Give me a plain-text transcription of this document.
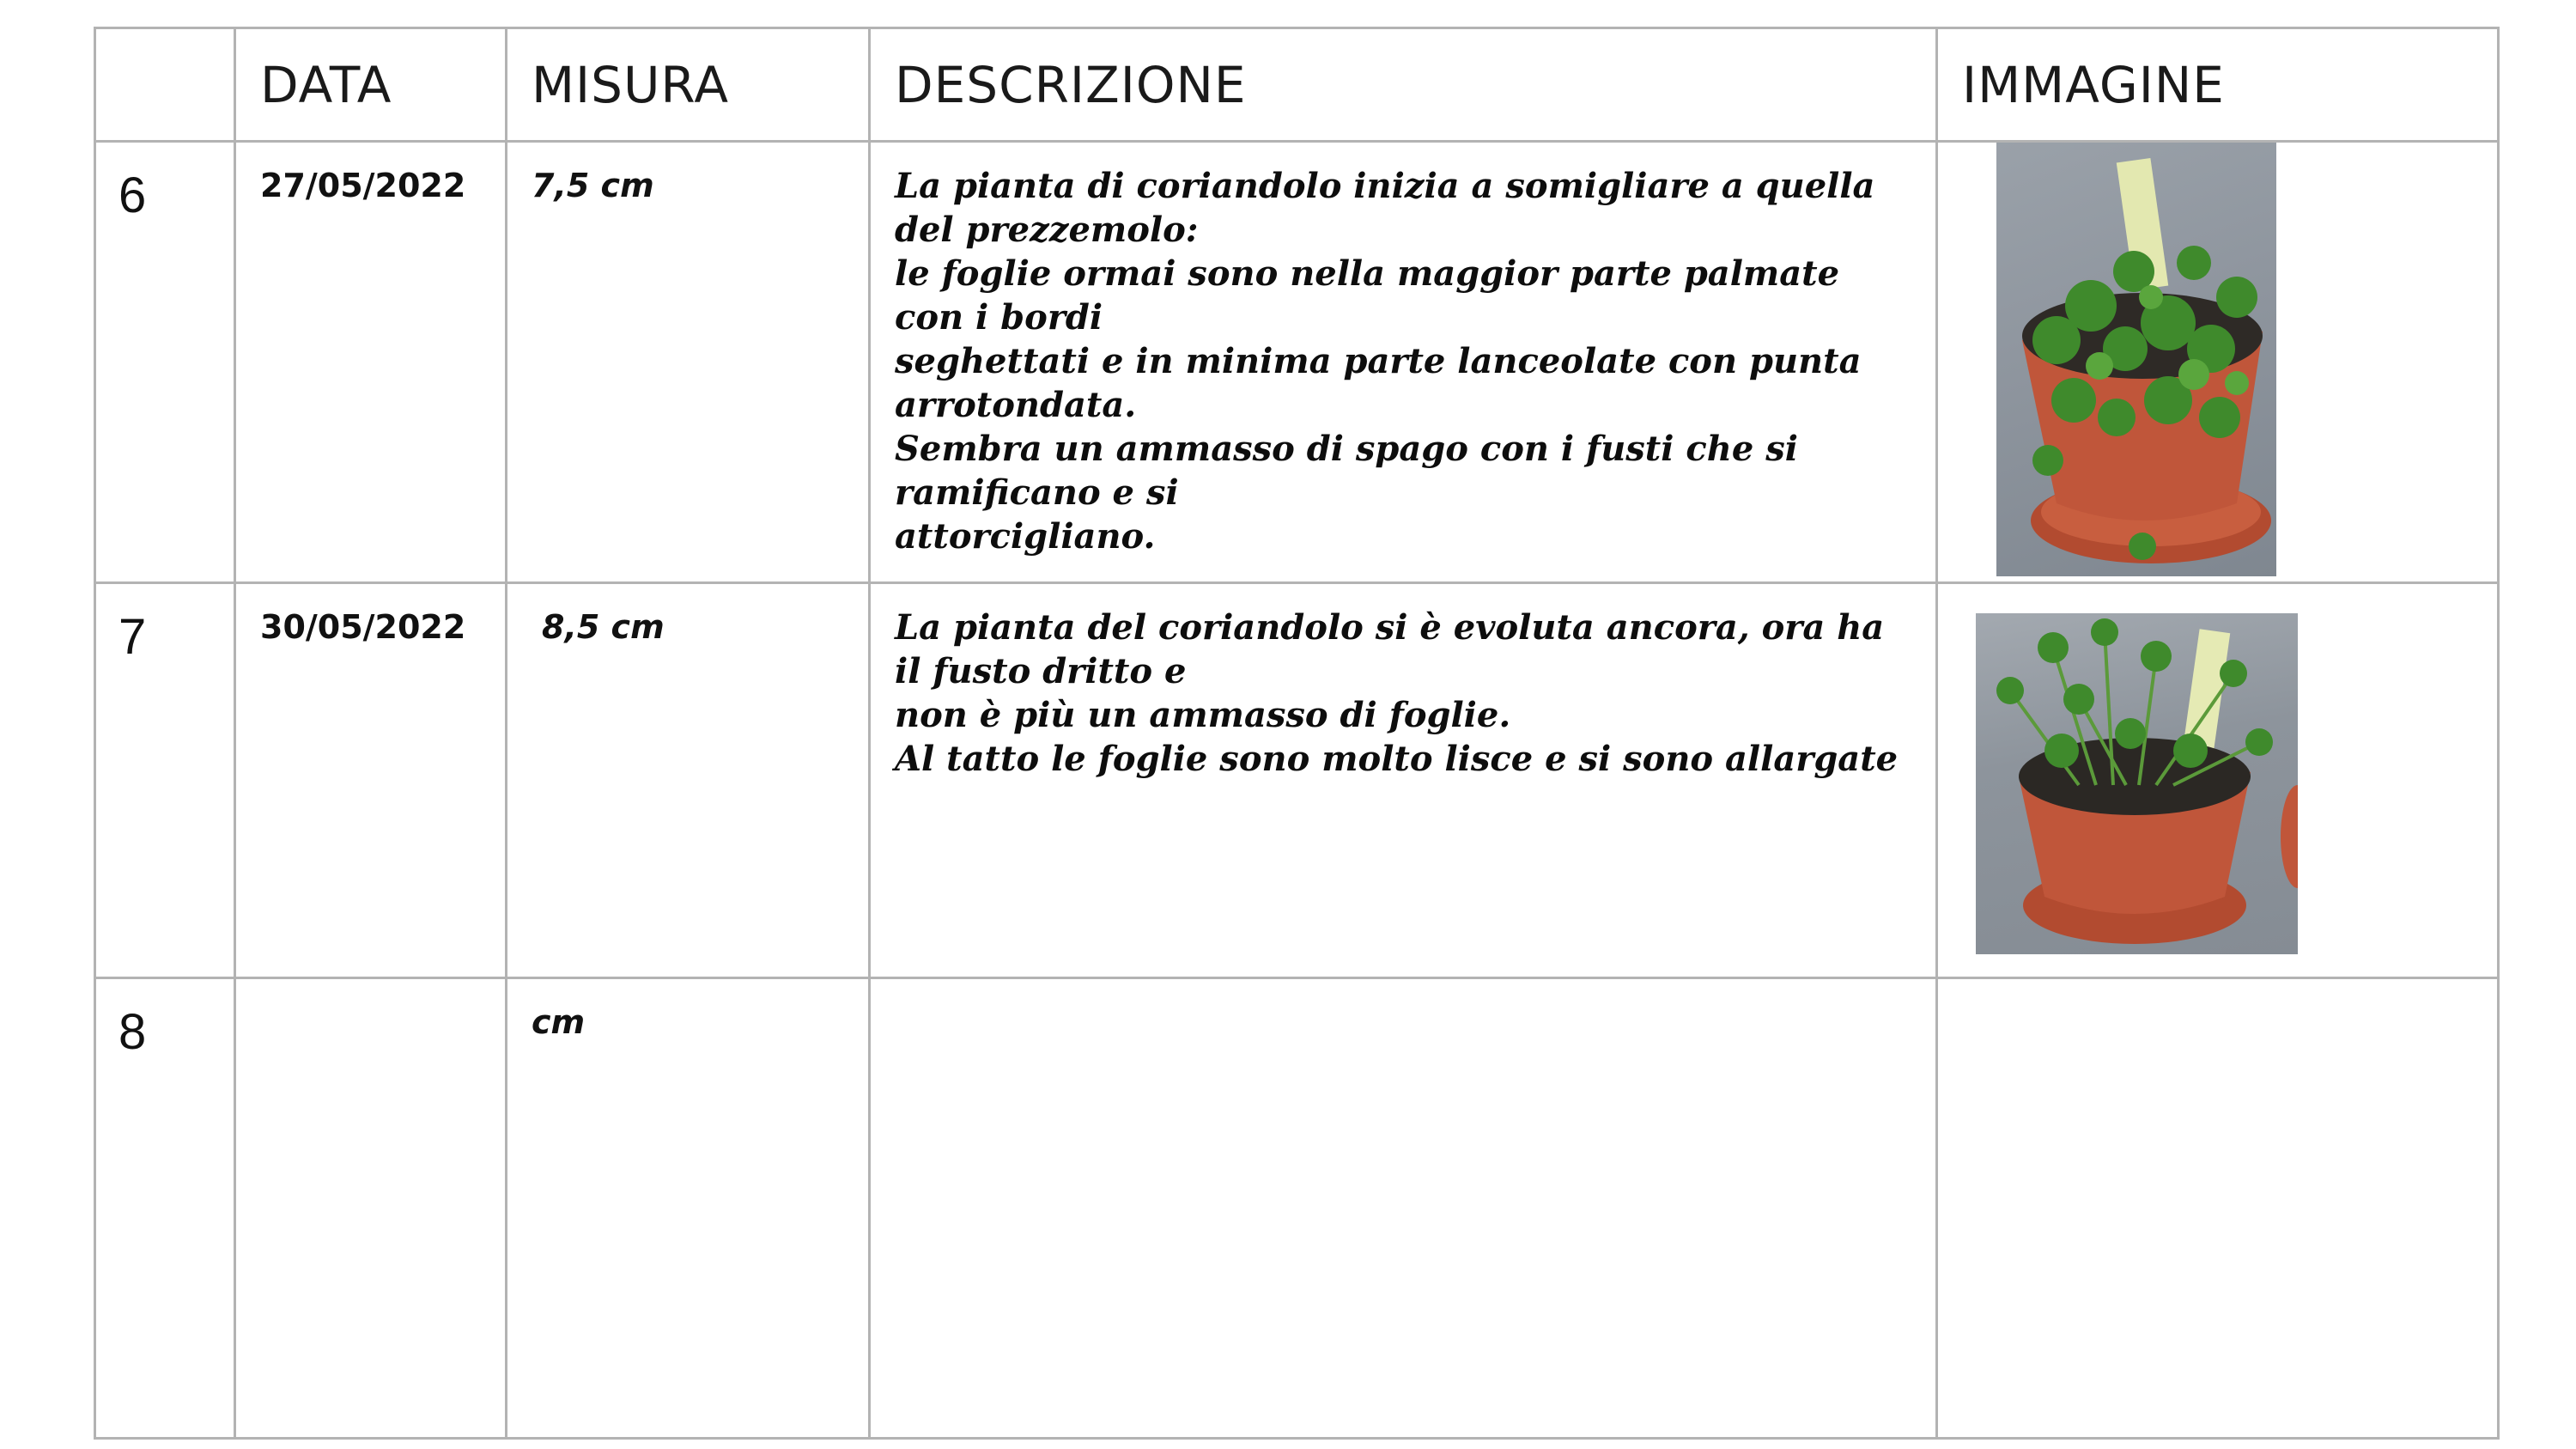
	DATA	MISURA	DESCRIZIONE	IMMAGINE
6	27/05/2022	7,5 cm	La pianta di coriandolo inizia a somigliare a quella del prezzemolo:
le foglie ormai sono nella maggior parte palmate con i bordi
seghettati e in minima parte lanceolate con punta arrotondata.
Sembra un ammasso di spago con i fusti che si ramificano e si
attorcigliano.	

7	30/05/2022	8,5 cm	La pianta del coriandolo si è evoluta ancora, ora ha il fusto dritto e
non è più un ammasso di foglie.
Al tatto le foglie sono molto lisce e si sono allargate	

8		cm		
